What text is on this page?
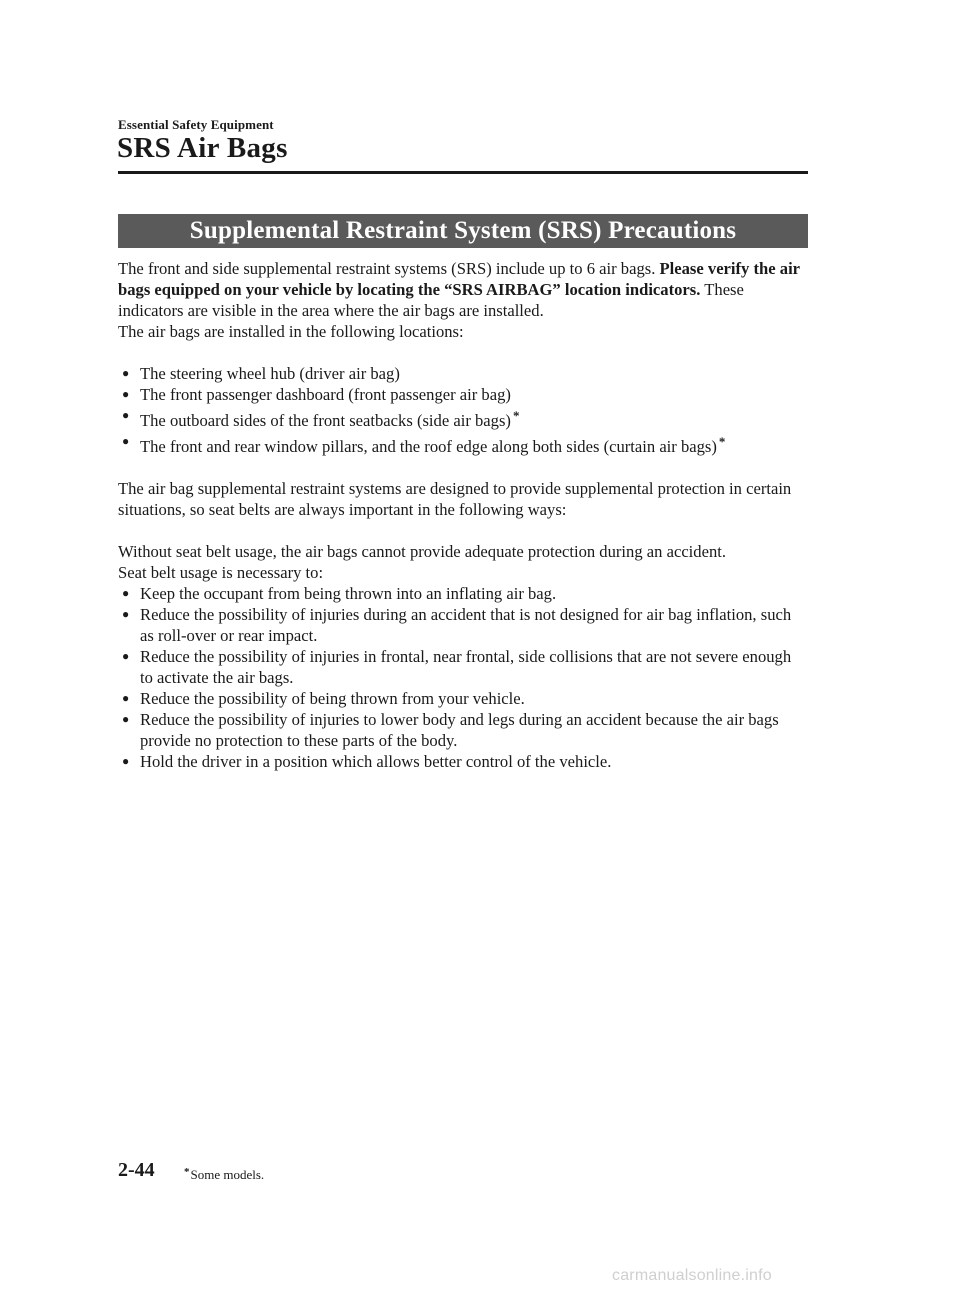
Essential Safety Equipment
SRS Air Bags
Supplemental Restraint System (SRS) Precautions

The front and side supplemental restraint systems (SRS) include up to 6 air bags. Please verify the air bags equipped on your vehicle by locating the “SRS AIRBAG” location indicators. These indicators are visible in the area where the air bags are installed.

The air bags are installed in the following locations:

● The steering wheel hub (driver air bag)
● The front passenger dashboard (front passenger air bag)
● The outboard sides of the front seatbacks (side air bags) *
● The front and rear window pillars, and the roof edge along both sides (curtain air bags) *

The air bag supplemental restraint systems are designed to provide supplemental protection in certain situations, so seat belts are always important in the following ways:

Without seat belt usage, the air bags cannot provide adequate protection during an accident.

Seat belt usage is necessary to:

● Keep the occupant from being thrown into an inflating air bag.
● Reduce the possibility of injuries during an accident that is not designed for air bag inflation, such as roll-over or rear impact.
● Reduce the possibility of injuries in frontal, near frontal, side collisions that are not severe enough to activate the air bags.
● Reduce the possibility of being thrown from your vehicle.
● Reduce the possibility of injuries to lower body and legs during an accident because the air bags provide no protection to these parts of the body.
● Hold the driver in a position which allows better control of the vehicle.
2-44	*Some models.
carmanualsonline.info
